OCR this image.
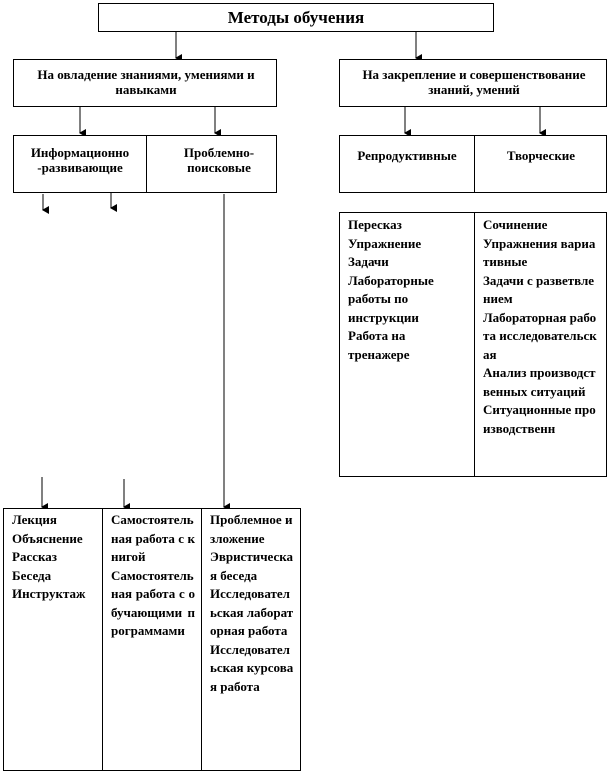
Методы обучения
На овладение знаниями, умениями и навыками
На закрепление и совершенствование знаний, умений
Информационно -развивающие
Проблемно-поисковые
Репродуктивные	Творческие
Пересказ
Упражнение
Задачи
Лабораторные работы по инструкции
Работа на тренажере
Сочинение
Упражнения вариативные
Задачи с разветвлением
Лабораторная работа исследовательская
Анализ производственных ситуаций
Ситуационные производственн
Лекция
Объяснение
Рассказ
Беседа
Инструктаж
Самостоятельная работа с книгой
Самостоятельная работа с обучающими программами
Проблемное изложение
Эвристическая беседа
Исследовательская лабораторная работа
Исследовательская курсовая работа
